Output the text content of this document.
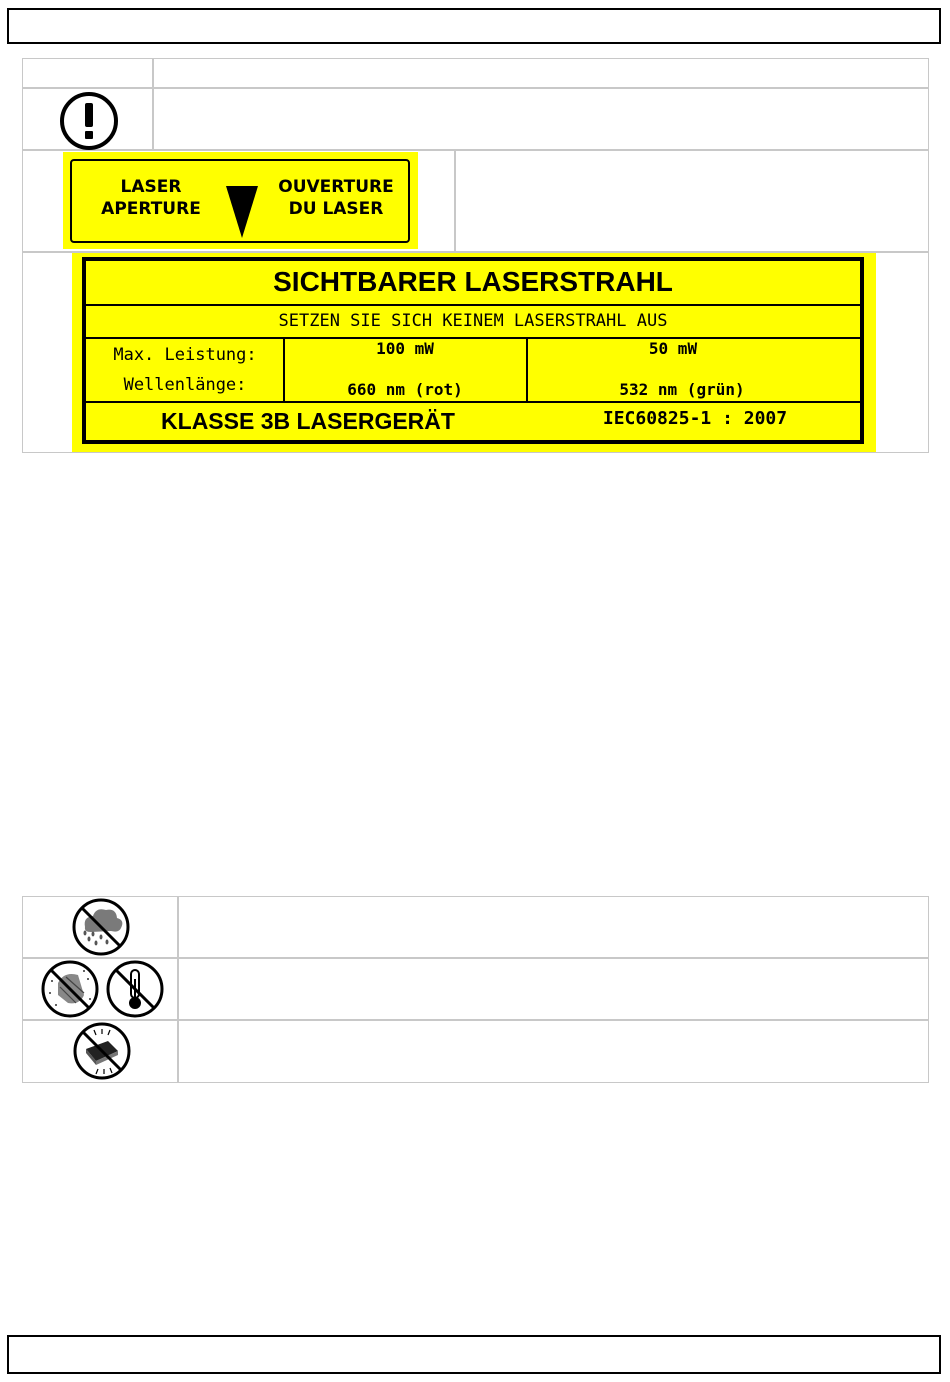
LASER
APERTURE
OUVERTURE
DU LASER
SICHTBARER LASERSTRAHL
SETZEN SIE SICH KEINEM LASERSTRAHL AUS
Max. Leistung:
Wellenlänge:
100 mW
660 nm (rot)
50 mW
532 nm (grün)
KLASSE 3B LASERGERÄT	IEC60825-1 : 2007
